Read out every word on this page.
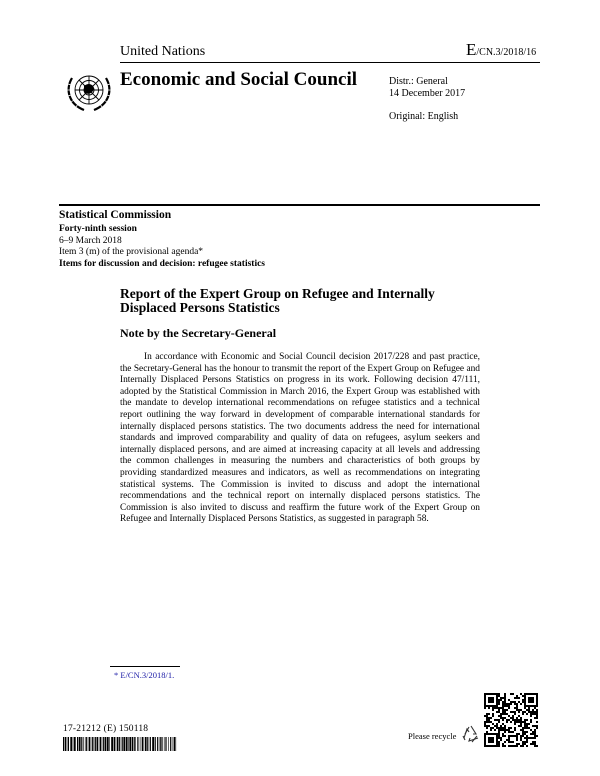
United Nations	E/CN.3/2018/16
Economic and Social Council	Distr.: General
14 December 2017
Original: English
Statistical Commission
Forty-ninth session
6–9 March 2018
Item 3 (m) of the provisional agenda*
Items for discussion and decision: refugee statistics
Report of the Expert Group on Refugee and Internally Displaced Persons Statistics
Note by the Secretary-General
In accordance with Economic and Social Council decision 2017/228 and past practice, the Secretary-General has the honour to transmit the report of the Expert Group on Refugee and Internally Displaced Persons Statistics on progress in its work. Following decision 47/111, adopted by the Statistical Commission in March 2016, the Expert Group was established with the mandate to develop international recommendations on refugee statistics and a technical report outlining the way forward in development of comparable international standards for internally displaced persons statistics. The two documents address the need for international standards and improved comparability and quality of data on refugees, asylum seekers and internally displaced persons, and are aimed at increasing capacity at all levels and addressing the common challenges in measuring the numbers and characteristics of both groups by providing standardized measures and indicators, as well as recommendations on integrating statistical systems. The Commission is invited to discuss and adopt the international recommendations and the technical report on internally displaced persons statistics. The Commission is also invited to discuss and reaffirm the future work of the Expert Group on Refugee and Internally Displaced Persons Statistics, as suggested in paragraph 58.
* E/CN.3/2018/1.
17-21212 (E) 150118
Please recycle
